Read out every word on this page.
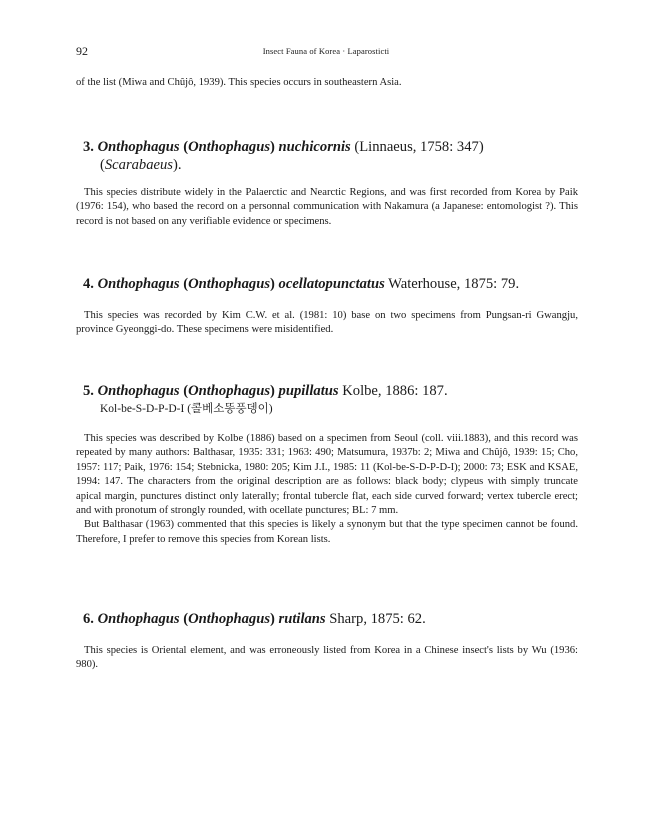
92	Insect Fauna of Korea · Laparosticti

of the list (Miwa and Chûjô, 1939). This species occurs in southeastern Asia.

3. Onthophagus (Onthophagus) nuchicornis (Linnaeus, 1758: 347)
(Scarabaeus).

This species distribute widely in the Palaerctic and Nearctic Regions, and was first recorded from Korea by Paik (1976: 154), who based the record on a personnal communication with Nakamura (a Japanese: entomologist ?). This record is not based on any verifiable evidence or specimens.

4. Onthophagus (Onthophagus) ocellatopunctatus Waterhouse, 1875: 79.

This species was recorded by Kim C.W. et al. (1981: 10) base on two specimens from Pungsan-ri Gwangju, province Gyeonggi-do. These specimens were misidentified.

5. Onthophagus (Onthophagus) pupillatus Kolbe, 1886: 187.
Kol-be-S-D-P-D-I (콜베소똥풍뎅이)

This species was described by Kolbe (1886) based on a specimen from Seoul (coll. viii.1883), and this record was repeated by many authors: Balthasar, 1935: 331; 1963: 490; Matsumura, 1937b: 2; Miwa and Chûjô, 1939: 15; Cho, 1957: 117; Paik, 1976: 154; Stebnicka, 1980: 205; Kim J.I., 1985: 11 (Kol-be-S-D-P-D-I); 2000: 73; ESK and KSAE, 1994: 147. The characters from the original description are as follows: black body; clypeus with simply truncate apical margin, punctures distinct only laterally; frontal tubercle flat, each side curved forward; vertex tubercle erect; and with pronotum of strongly rounded, with ocellate punctures; BL: 7 mm.

But Balthasar (1963) commented that this species is likely a synonym but that the type specimen cannot be found. Therefore, I prefer to remove this species from Korean lists.

6. Onthophagus (Onthophagus) rutilans Sharp, 1875: 62.

This species is Oriental element, and was erroneously listed from Korea in a Chinese insect's lists by Wu (1936: 980).
